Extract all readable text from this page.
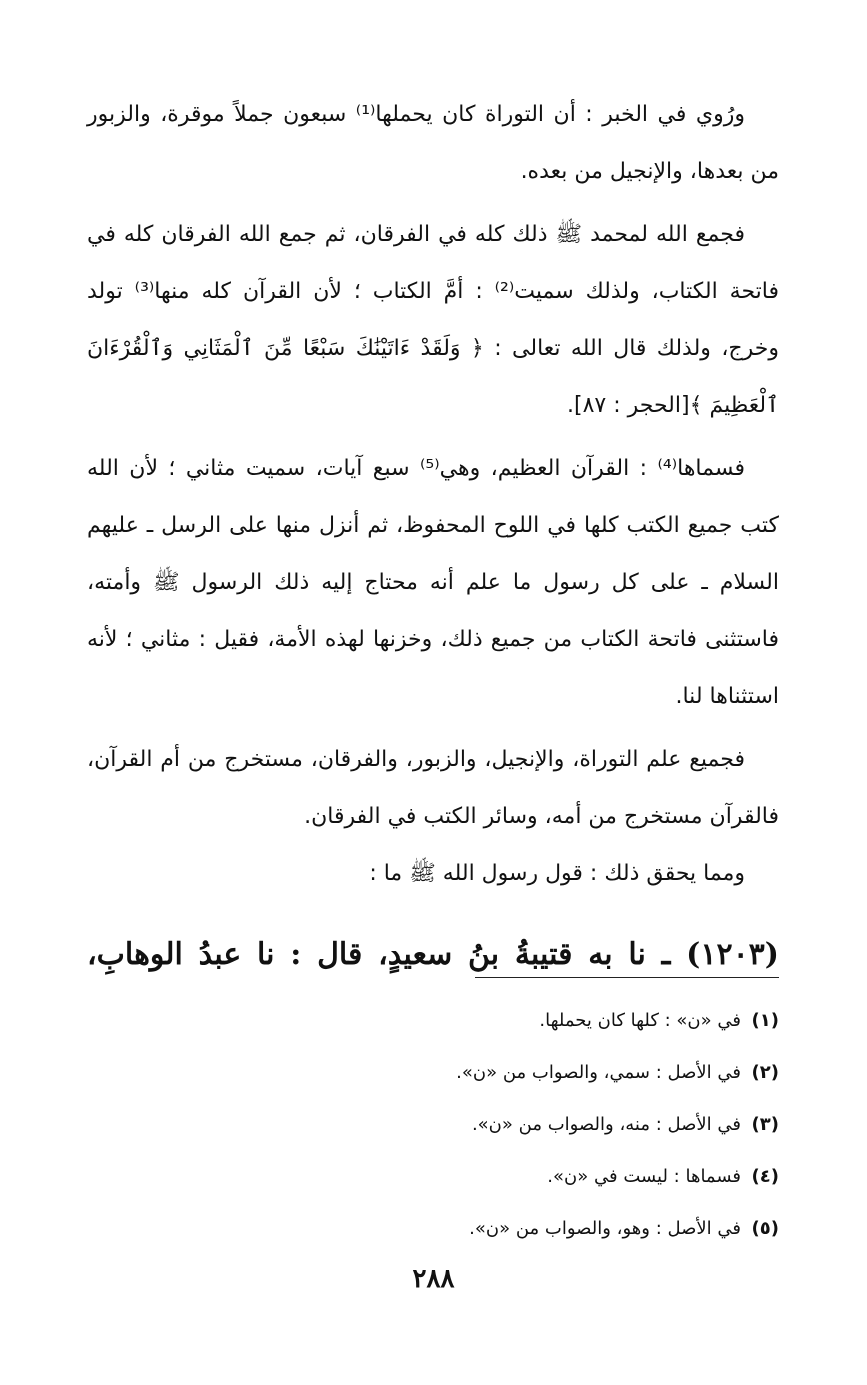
ورُوي في الخبر : أن التوراة كان يحملها⁽¹⁾ سبعون جملاً موقرة، والزبور من بعدها، والإنجيل من بعده.

فجمع الله لمحمد ﷺ ذلك كله في الفرقان، ثم جمع الله الفرقان كله في فاتحة الكتاب، ولذلك سميت⁽²⁾ : أمَّ الكتاب ؛ لأن القرآن كله منها⁽³⁾ تولد وخرج، ولذلك قال الله تعالى : ﴿ وَلَقَدْ ءَاتَيْنَٰكَ سَبْعًا مِّنَ ٱلْمَثَانِي وَٱلْقُرْءَانَ ٱلْعَظِيمَ ﴾[الحجر : ٨٧].

فسماها⁽⁴⁾ : القرآن العظيم، وهي⁽⁵⁾ سبع آيات، سميت مثاني ؛ لأن الله كتب جميع الكتب كلها في اللوح المحفوظ، ثم أنزل منها على الرسل ـ عليهم السلام ـ على كل رسول ما علم أنه محتاج إليه ذلك الرسول ﷺ وأمته، فاستثنى فاتحة الكتاب من جميع ذلك، وخزنها لهذه الأمة، فقيل : مثاني ؛ لأنه استثناها لنا.

فجميع علم التوراة، والإنجيل، والزبور، والفرقان، مستخرج من أم القرآن، فالقرآن مستخرج من أمه، وسائر الكتب في الفرقان.

ومما يحقق ذلك : قول رسول الله ﷺ ما :

(١٢٠٣) ـ نا به قتيبةُ بنُ سعيدٍ، قال : نا عبدُ الوهابِ،

(١)
في «ن» : كلها كان يحملها.
(٢)
في الأصل : سمي، والصواب من «ن».
(٣)
في الأصل : منه، والصواب من «ن».
(٤)
فسماها : ليست في «ن».
(٥)
في الأصل : وهو، والصواب من «ن».
٢٨٨
